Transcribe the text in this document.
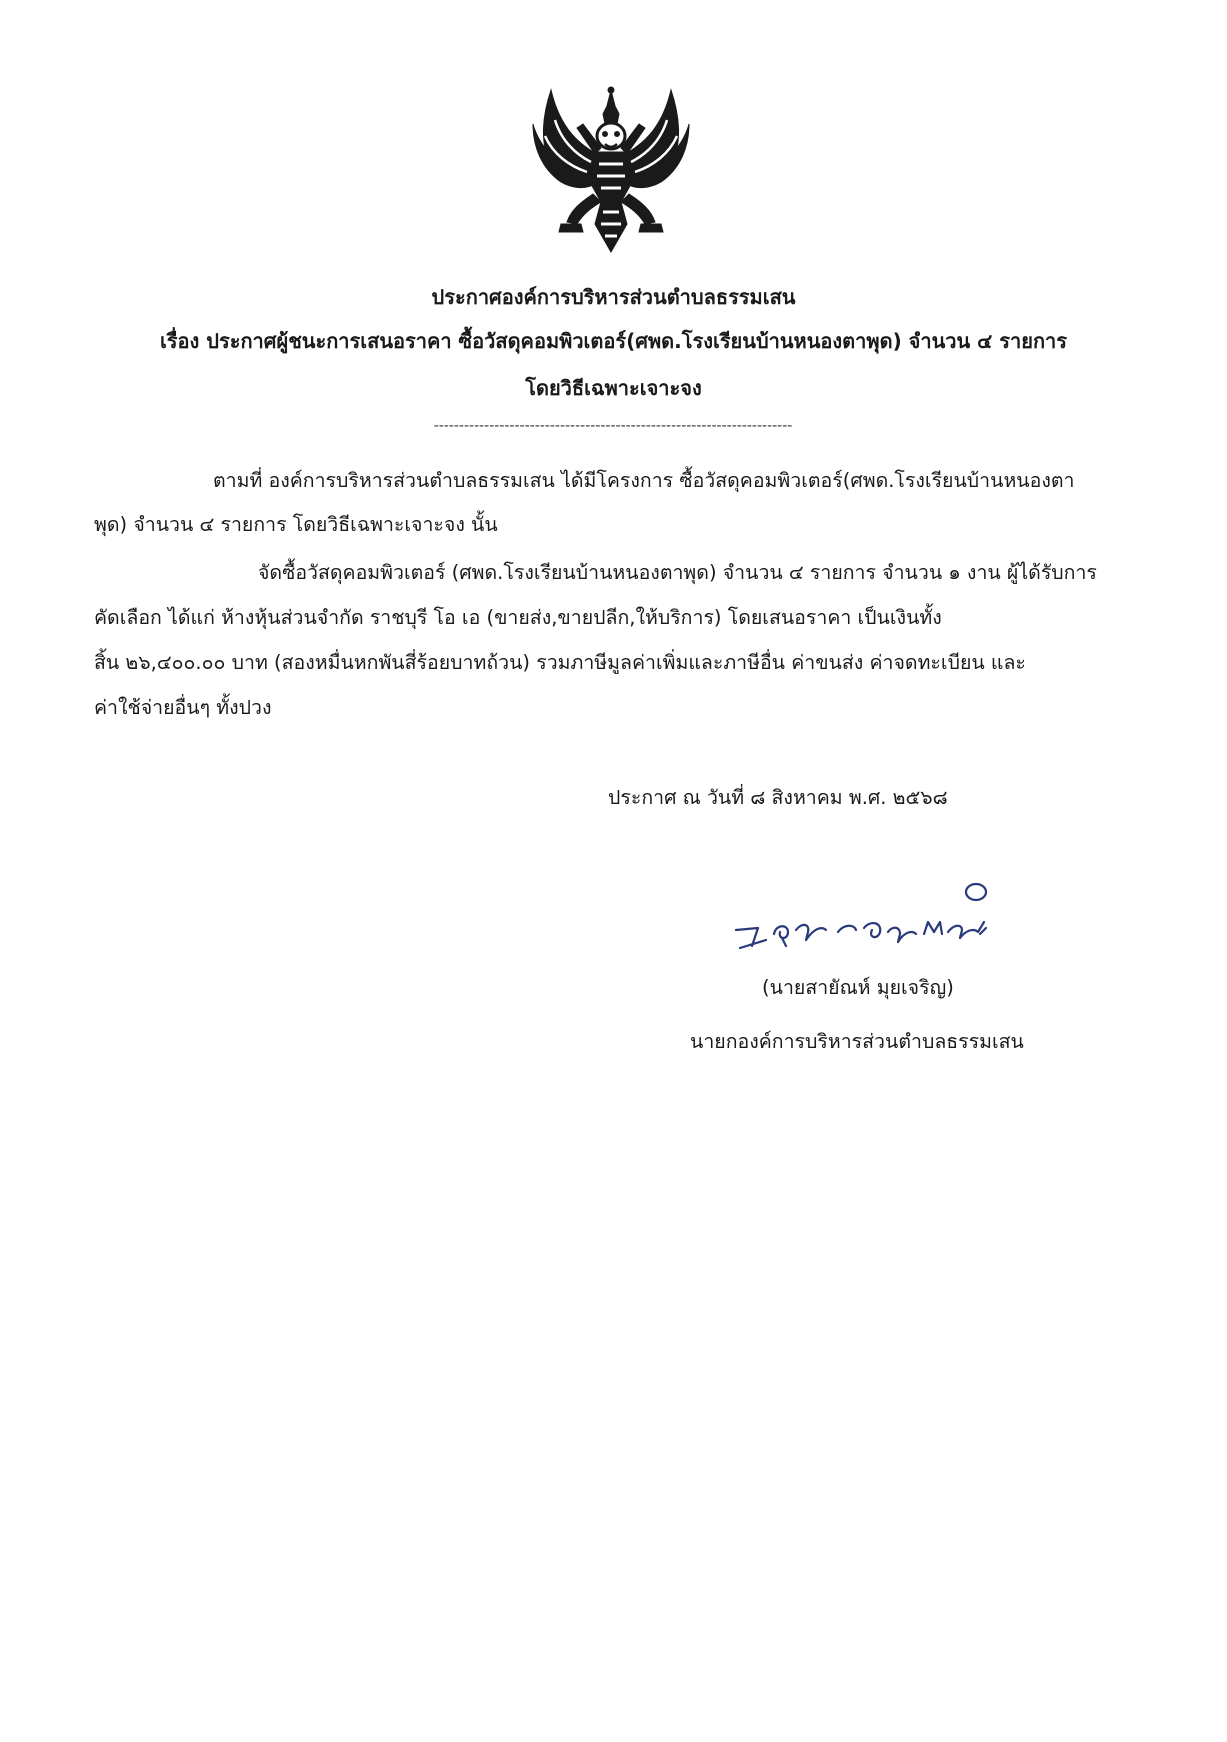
ประกาศองค์การบริหารส่วนตำบลธรรมเสน
เรื่อง ประกาศผู้ชนะการเสนอราคา ซื้อวัสดุคอมพิวเตอร์(ศพด.โรงเรียนบ้านหนองตาพุด) จำนวน ๔ รายการ
โดยวิธีเฉพาะเจาะจง
-----------------------------------------------------------------------
ตามที่ องค์การบริหารส่วนตำบลธรรมเสน ได้มีโครงการ ซื้อวัสดุคอมพิวเตอร์(ศพด.โรงเรียนบ้านหนองตา
พุด) จำนวน ๔ รายการ โดยวิธีเฉพาะเจาะจง นั้น
จัดซื้อวัสดุคอมพิวเตอร์ (ศพด.โรงเรียนบ้านหนองตาพุด) จำนวน ๔ รายการ จำนวน ๑ งาน ผู้ได้รับการ
คัดเลือก ได้แก่ ห้างหุ้นส่วนจำกัด ราชบุรี โอ เอ (ขายส่ง,ขายปลีก,ให้บริการ) โดยเสนอราคา เป็นเงินทั้ง
สิ้น ๒๖,๔๐๐.๐๐ บาท (สองหมื่นหกพันสี่ร้อยบาทถ้วน) รวมภาษีมูลค่าเพิ่มและภาษีอื่น ค่าขนส่ง ค่าจดทะเบียน และ
ค่าใช้จ่ายอื่นๆ ทั้งปวง
ประกาศ ณ วันที่ ๘ สิงหาคม พ.ศ. ๒๕๖๘
(นายสายัณห์ มุยเจริญ)
นายกองค์การบริหารส่วนตำบลธรรมเสน
